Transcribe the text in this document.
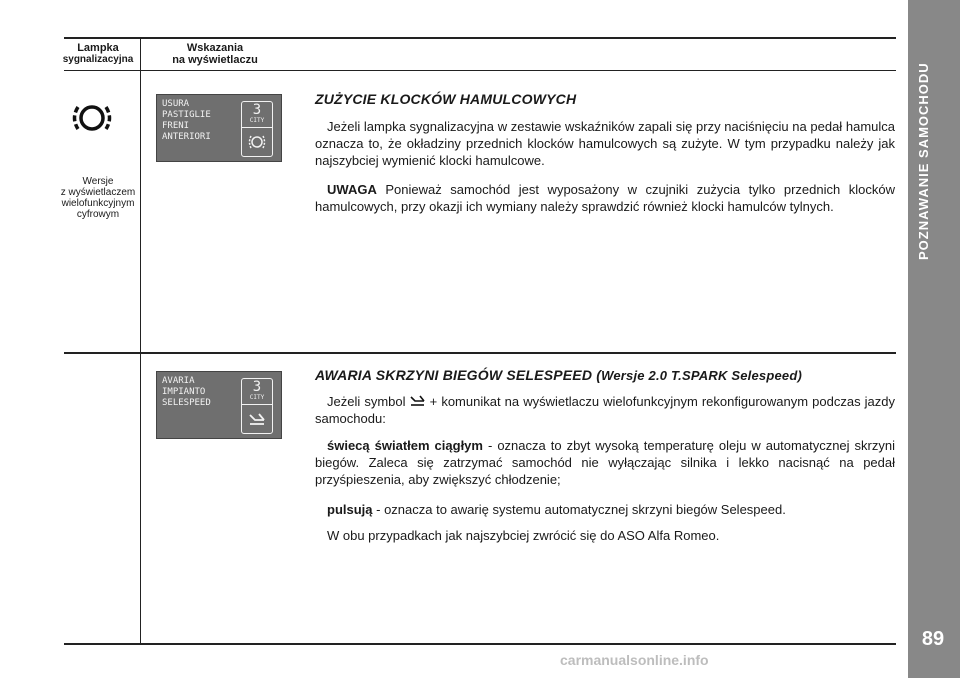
Lampka
sygnalizacyjna
Wskazania
na wyświetlaczu
Wersje
z wyświetlaczem
wielofunkcyjnym
cyfrowym
USURA
PASTIGLIE
FRENI
ANTERIORI
3
CITY
AVARIA
IMPIANTO
SELESPEED
3
CITY
ZUŻYCIE KLOCKÓW HAMULCOWYCH
Jeżeli lampka sygnalizacyjna w zestawie wskaźników zapali się przy naciśnięciu na pedał hamulca oznacza to, że okładziny przednich klocków hamulcowych są zużyte. W tym przypadku należy jak najszybciej wymienić klocki hamulcowe.
UWAGA Ponieważ samochód jest wyposażony w czujniki zużycia tylko przednich klocków hamulcowych, przy okazji ich wymiany należy sprawdzić również klocki hamulców tylnych.
AWARIA SKRZYNI BIEGÓW SELESPEED (Wersje 2.0 T.SPARK Selespeed)
Jeżeli symbol  + komunikat na wyświetlaczu wielofunkcyjnym rekonfigurowanym podczas jazdy samochodu:
świecą światłem ciągłym - oznacza to zbyt wysoką temperaturę oleju w automatycznej skrzyni biegów. Zaleca się zatrzymać samochód nie wyłączając silnika i lekko nacisnąć na pedał przyśpieszenia, aby zwiększyć chłodzenie;
pulsują - oznacza to awarię systemu automatycznej skrzyni biegów Selespeed.
W obu przypadkach jak najszybciej zwrócić się do ASO Alfa Romeo.
POZNAWANIE SAMOCHODU
89
carmanualsonline.info
